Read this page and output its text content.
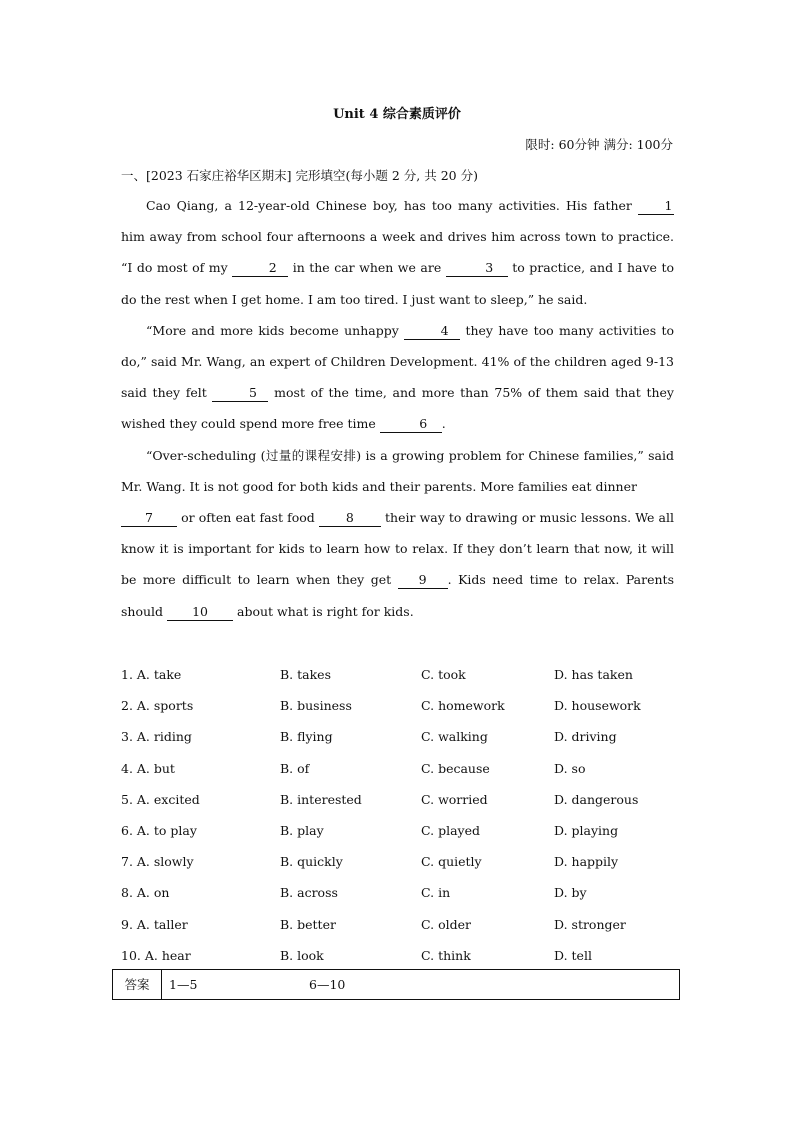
Unit 4 综合素质评价
限时: 60分钟 满分: 100分
一、[2023 石家庄裕华区期末] 完形填空(每小题 2 分, 共 20 分)

Cao Qiang, a 12-year-old Chinese boy, has too many activities. His father 1 him away from school four afternoons a week and drives him across town to practice. “I do most of my	2 in the car when we are	3 to practice, and I have to do the rest when I get home. I am too tired. I just want to sleep,” he said.

“More and more kids become unhappy	4 they have too many activities to do,” said Mr. Wang, an expert of Children Development. 41% of the children aged 9-13 said they felt	5 most of the time, and more than 75% of them said that they wished they could spend more free time	6 .

“Over-scheduling (过量的课程安排) is a growing problem for Chinese families,” said Mr. Wang. It is not good for both kids and their parents. More families eat dinner

7 or often eat fast food 8 their way to drawing or music lessons. We all know it is important for kids to learn how to relax. If they don’t learn that now, it will be more difficult to learn when they get 9 . Kids need time to relax. Parents should 10 about what is right for kids.

1. A. take	B. takes	C. took	D. has taken
2. A. sports	B. business	C. homework	D. housework
3. A. riding	B. flying	C. walking	D. driving
4. A. but	B. of	C. because	D. so
5. A. excited	B. interested	C. worried	D. dangerous
6. A. to play	B. play	C. played	D. playing
7. A. slowly	B. quickly	C. quietly	D. happily
8. A. on	B. across	C. in	D. by
9. A. taller	B. better	C. older	D. stronger
10. A. hear	B. look	C. think	D. tell
答案	1—5	6—10
